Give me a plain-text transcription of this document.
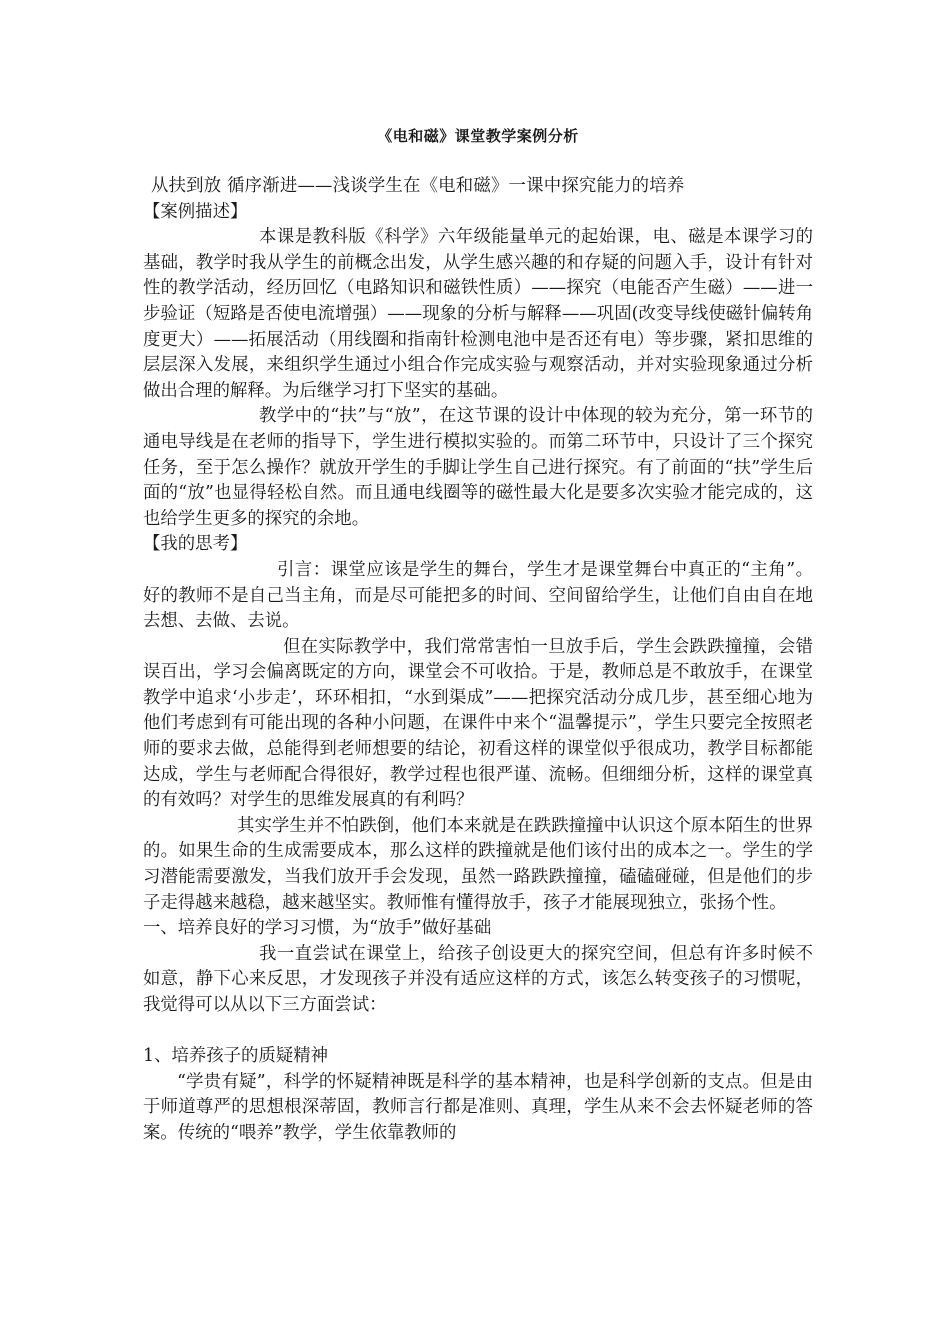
《电和磁》课堂教学案例分析

从扶到放 循序渐进——浅谈学生在《电和磁》一课中探究能力的培养

【案例描述】

本课是教科版《科学》六年级能量单元的起始课，电、磁是本课学习的基础，教学时我从学生的前概念出发，从学生感兴趣的和存疑的问题入手，设计有针对性的教学活动，经历回忆（电路知识和磁铁性质）——探究（电能否产生磁）——进一步验证（短路是否使电流增强）——现象的分析与解释——巩固(改变导线使磁针偏转角度更大）——拓展活动（用线圈和指南针检测电池中是否还有电）等步骤，紧扣思维的层层深入发展，来组织学生通过小组合作完成实验与观察活动，并对实验现象通过分析做出合理的解释。为后继学习打下坚实的基础。

教学中的“扶”与“放”，在这节课的设计中体现的较为充分，第一环节的通电导线是在老师的指导下，学生进行模拟实验的。而第二环节中，只设计了三个探究任务，至于怎么操作？就放开学生的手脚让学生自己进行探究。有了前面的“扶”学生后面的“放”也显得轻松自然。而且通电线圈等的磁性最大化是要多次实验才能完成的，这也给学生更多的探究的余地。

【我的思考】

引言：课堂应该是学生的舞台，学生才是课堂舞台中真正的“主角”。好的教师不是自己当主角，而是尽可能把多的时间、空间留给学生，让他们自由自在地去想、去做、去说。

但在实际教学中，我们常常害怕一旦放手后，学生会跌跌撞撞，会错误百出，学习会偏离既定的方向，课堂会不可收拾。于是，教师总是不敢放手，在课堂教学中追求‘小步走’，环环相扣，“水到渠成”——把探究活动分成几步，甚至细心地为他们考虑到有可能出现的各种小问题，在课件中来个“温馨提示”，学生只要完全按照老师的要求去做，总能得到老师想要的结论，初看这样的课堂似乎很成功，教学目标都能达成，学生与老师配合得很好，教学过程也很严谨、流畅。但细细分析，这样的课堂真的有效吗？对学生的思维发展真的有利吗？

其实学生并不怕跌倒，他们本来就是在跌跌撞撞中认识这个原本陌生的世界的。如果生命的生成需要成本，那么这样的跌撞就是他们该付出的成本之一。学生的学习潜能需要激发，当我们放开手会发现，虽然一路跌跌撞撞，磕磕碰碰，但是他们的步子走得越来越稳，越来越坚实。教师惟有懂得放手，孩子才能展现独立，张扬个性。

一、培养良好的学习习惯，为“放手”做好基础

我一直尝试在课堂上，给孩子创设更大的探究空间，但总有许多时候不如意，静下心来反思，才发现孩子并没有适应这样的方式，该怎么转变孩子的习惯呢，我觉得可以从以下三方面尝试：

1、培养孩子的质疑精神

“学贵有疑”，科学的怀疑精神既是科学的基本精神，也是科学创新的支点。但是由于师道尊严的思想根深蒂固，教师言行都是准则、真理，学生从来不会去怀疑老师的答案。传统的“喂养”教学，学生依靠教师的
